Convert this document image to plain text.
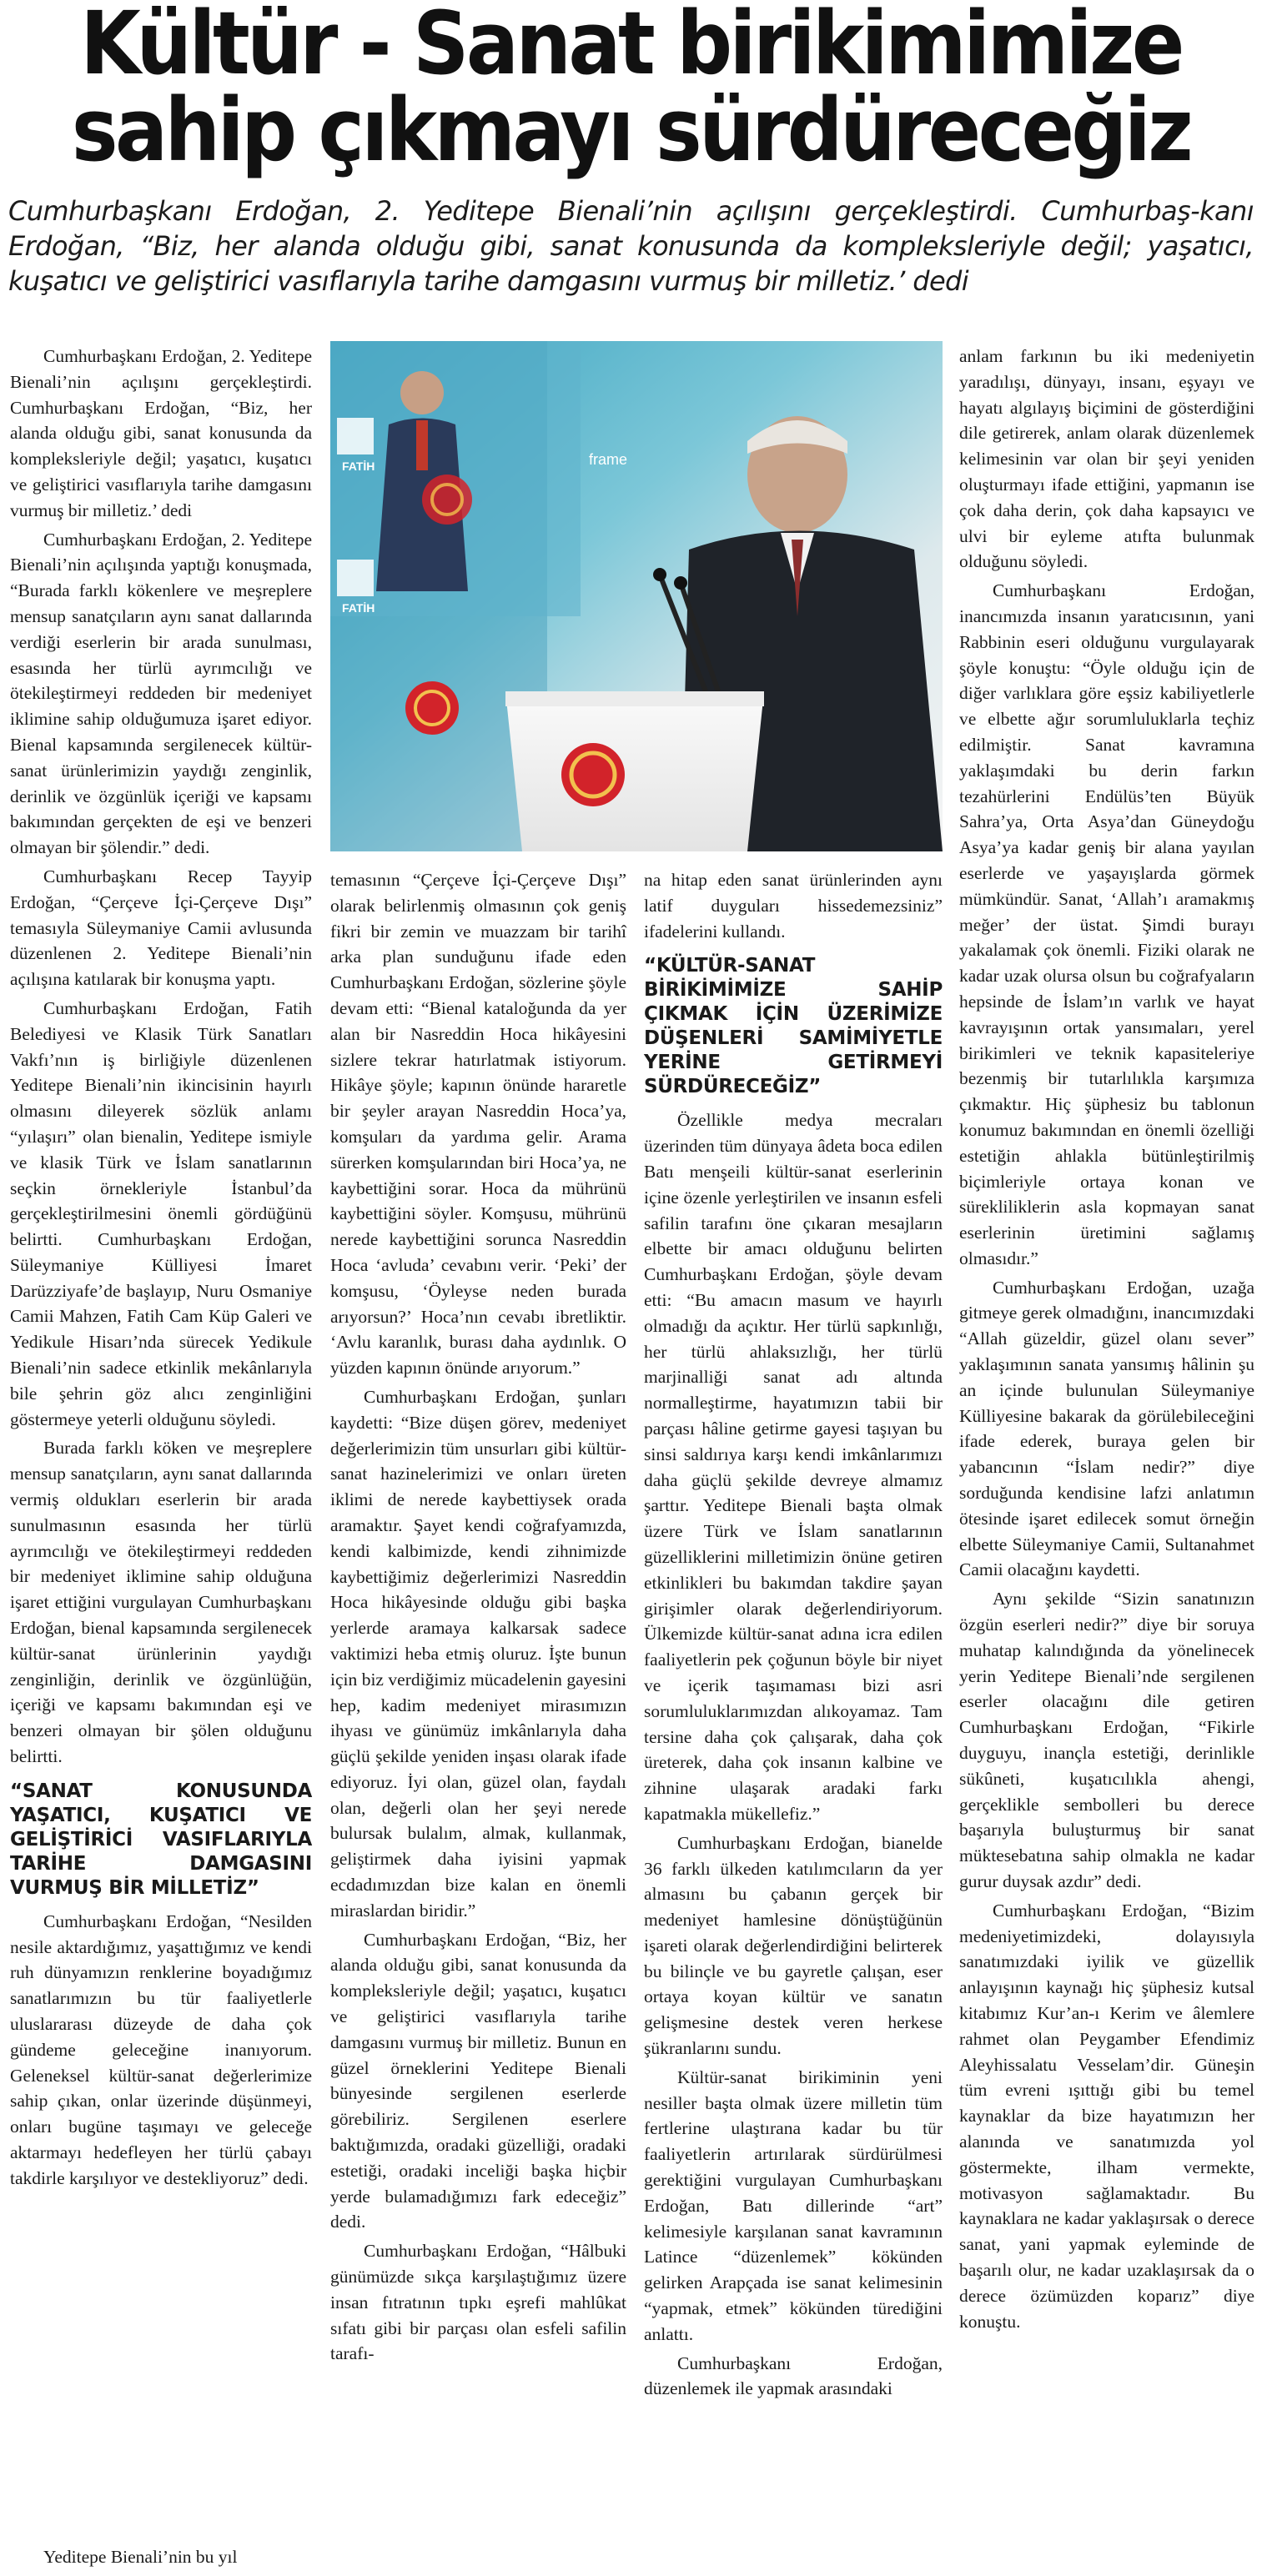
Kültür - Sanat birikimimize
sahip çıkmayı sürdüreceğiz
Cumhurbaşkanı Erdoğan, 2. Yeditepe Bienali’nin açılışını gerçekleştirdi. Cumhurbaş-kanı Erdoğan, “Biz, her alanda olduğu gibi, sanat konusunda da kompleksleriyle değil; yaşatıcı, kuşatıcı ve geliştirici vasıflarıyla tarihe damgasını vurmuş bir milletiz.’ dedi
FATİH
FATİH
frame

Cumhurbaşkanı Erdoğan, 2. Yeditepe Bienali’nin açılışını gerçekleştirdi. Cumhurbaşkanı Erdoğan, “Biz, her alanda olduğu gibi, sanat konusunda da kompleksleriyle değil; yaşatıcı, kuşatıcı ve geliştirici vasıflarıyla tarihe damgasını vurmuş bir milletiz.’ dedi

Cumhurbaşkanı Erdoğan, 2. Yeditepe Bienali’nin açılışında yaptığı konuşmada, “Burada farklı kökenlere ve meşreplere mensup sanatçıların aynı sanat dallarında verdiği eserlerin bir arada sunulması, esasında her türlü ayrımcılığı ve ötekileştirmeyi reddeden bir medeniyet iklimine sahip olduğumuza işaret ediyor. Bienal kapsamında sergilenecek kültür-sanat ürünlerimizin yaydığı zenginlik, derinlik ve özgünlük içeriği ve kapsamı bakımından gerçekten de eşi ve benzeri olmayan bir şölendir.” dedi.

Cumhurbaşkanı Recep Tayyip Erdoğan, “Çerçeve İçi-Çerçeve Dışı” temasıyla Süleymaniye Camii avlusunda düzenlenen 2. Yeditepe Bienali’nin açılışına katılarak bir konuşma yaptı.

Cumhurbaşkanı Erdoğan, Fatih Belediyesi ve Klasik Türk Sanatları Vakfı’nın iş birliğiyle düzenlenen Yeditepe Bienali’nin ikincisinin hayırlı olmasını dileyerek sözlük anlamı “yılaşırı” olan bienalin, Yeditepe ismiyle ve klasik Türk ve İslam sanatlarının seçkin örnekleriyle İstanbul’da gerçekleştirilmesini önemli gördüğünü belirtti. Cumhurbaşkanı Erdoğan, Süleymaniye Külliyesi İmaret Darüzziyafe’de başlayıp, Nuru Osmaniye Camii Mahzen, Fatih Cam Küp Galeri ve Yedikule Hisarı’nda sürecek Yedikule Bienali’nin sadece etkinlik mekânlarıyla bile şehrin göz alıcı zenginliğini göstermeye yeterli olduğunu söyledi.

Burada farklı köken ve meşreplere mensup sanatçıların, aynı sanat dallarında vermiş oldukları eserlerin bir arada sunulmasının esasında her türlü ayrımcılığı ve ötekileştirmeyi reddeden bir medeniyet iklimine sahip olduğuna işaret ettiğini vurgulayan Cumhurbaşkanı Erdoğan, bienal kapsamında sergilenecek kültür-sanat ürünlerinin yaydığı zenginliğin, derinlik ve özgünlüğün, içeriği ve kapsamı bakımından eşi ve benzeri olmayan bir şölen olduğunu belirtti.

“SANAT KONUSUNDA YAŞATICI, KUŞATICI VE GELİŞTİRİCİ VASIFLARIYLA TARİHE DAMGASINI VURMUŞ BİR MİLLETİZ”

Cumhurbaşkanı Erdoğan, “Nesilden nesile aktardığımız, yaşattığımız ve kendi ruh dünyamızın renklerine boyadığımız sanatlarımızın bu tür faaliyetlerle uluslararası düzeyde de daha çok gündeme geleceğine inanıyorum. Geleneksel kültür-sanat değerlerimize sahip çıkan, onlar üzerinde düşünmeyi, onları bugüne taşımayı ve geleceğe aktarmayı hedefleyen her türlü çabayı takdirle karşılıyor ve destekliyoruz” dedi.

Yeditepe Bienali’nin bu yıl

temasının “Çerçeve İçi-Çerçeve Dışı” olarak belirlenmiş olmasının çok geniş fikri bir zemin ve muazzam bir tarihî arka plan sunduğunu ifade eden Cumhurbaşkanı Erdoğan, sözlerine şöyle devam etti: “Bienal kataloğunda da yer alan bir Nasreddin Hoca hikâyesini sizlere tekrar hatırlatmak istiyorum. Hikâye şöyle; kapının önünde hararetle bir şeyler arayan Nasreddin Hoca’ya, komşuları da yardıma gelir. Arama sürerken komşularından biri Hoca’ya, ne kaybettiğini sorar. Hoca da mührünü kaybettiğini söyler. Komşusu, mührünü nerede kaybettiğini sorunca Nasreddin Hoca ‘avluda’ cevabını verir. ‘Peki’ der komşusu, ‘Öyleyse neden burada arıyorsun?’ Hoca’nın cevabı ibretliktir. ‘Avlu karanlık, burası daha aydınlık. O yüzden kapının önünde arıyorum.”

Cumhurbaşkanı Erdoğan, şunları kaydetti: “Bize düşen görev, medeniyet değerlerimizin tüm unsurları gibi kültür-sanat hazinelerimizi ve onları üreten iklimi de nerede kaybettiysek orada aramaktır. Şayet kendi coğrafyamızda, kendi kalbimizde, kendi zihnimizde kaybettiğimiz değerlerimizi Nasreddin Hoca hikâyesinde olduğu gibi başka yerlerde aramaya kalkarsak sadece vaktimizi heba etmiş oluruz. İşte bunun için biz verdiğimiz mücadelenin gayesini hep, kadim medeniyet mirasımızın ihyası ve günümüz imkânlarıyla daha güçlü şekilde yeniden inşası olarak ifade ediyoruz. İyi olan, güzel olan, faydalı olan, değerli olan her şeyi nerede bulursak bulalım, almak, kullanmak, geliştirmek daha iyisini yapmak ecdadımızdan bize kalan en önemli miraslardan biridir.”

Cumhurbaşkanı Erdoğan, “Biz, her alanda olduğu gibi, sanat konusunda da kompleksleriyle değil; yaşatıcı, kuşatıcı ve geliştirici vasıflarıyla tarihe damgasını vurmuş bir milletiz. Bunun en güzel örneklerini Yeditepe Bienali bünyesinde sergilenen eserlerde görebiliriz. Sergilenen eserlere baktığımızda, oradaki güzelliği, oradaki estetiği, oradaki inceliği başka hiçbir yerde bulamadığımızı fark edeceğiz” dedi.

Cumhurbaşkanı Erdoğan, “Hâlbuki günümüzde sıkça karşılaştığımız üzere insan fıtratının tıpkı eşrefi mahlûkat sıfatı gibi bir parçası olan esfeli safilin tarafı-

na hitap eden sanat ürünlerinden aynı latif duyguları hissedemezsiniz” ifadelerini kullandı.

“KÜLTÜR-SANAT BİRİKİMİMİZE SAHİP ÇIKMAK İÇİN ÜZERİMİZE DÜŞENLERİ SAMİMİYETLE YERİNE GETİRMEYİ SÜRDÜRECEĞİZ”

Özellikle medya mecraları üzerinden tüm dünyaya âdeta boca edilen Batı menşeili kültür-sanat eserlerinin içine özenle yerleştirilen ve insanın esfeli safilin tarafını öne çıkaran mesajların elbette bir amacı olduğunu belirten Cumhurbaşkanı Erdoğan, şöyle devam etti: “Bu amacın masum ve hayırlı olmadığı da açıktır. Her türlü sapkınlığı, her türlü ahlaksızlığı, her türlü marjinalliği sanat adı altında normalleştirme, hayatımızın tabii bir parçası hâline getirme gayesi taşıyan bu sinsi saldırıya karşı kendi imkânlarımızı daha güçlü şekilde devreye almamız şarttır. Yeditepe Bienali başta olmak üzere Türk ve İslam sanatlarının güzelliklerini milletimizin önüne getiren etkinlikleri bu bakımdan takdire şayan girişimler olarak değerlendiriyorum. Ülkemizde kültür-sanat adına icra edilen faaliyetlerin pek çoğunun böyle bir niyet ve içerik taşımaması bizi asri sorumluluklarımızdan alıkoyamaz. Tam tersine daha çok çalışarak, daha çok üreterek, daha çok insanın kalbine ve zihnine ulaşarak aradaki farkı kapatmakla mükellefiz.”

Cumhurbaşkanı Erdoğan, bianelde 36 farklı ülkeden katılımcıların da yer almasını bu çabanın gerçek bir medeniyet hamlesine dönüştüğünün işareti olarak değerlendirdiğini belirterek bu bilinçle ve bu gayretle çalışan, eser ortaya koyan kültür ve sanatın gelişmesine destek veren herkese şükranlarını sundu.

Kültür-sanat birikiminin yeni nesiller başta olmak üzere milletin tüm fertlerine ulaştırana kadar bu tür faaliyetlerin artırılarak sürdürülmesi gerektiğini vurgulayan Cumhurbaşkanı Erdoğan, Batı dillerinde “art” kelimesiyle karşılanan sanat kavramının Latince “düzenlemek” kökünden gelirken Arapçada ise sanat kelimesinin “yapmak, etmek” kökünden türediğini anlattı.

Cumhurbaşkanı Erdoğan, düzenlemek ile yapmak arasındaki

anlam farkının bu iki medeniyetin yaradılışı, dünyayı, insanı, eşyayı ve hayatı algılayış biçimini de gösterdiğini dile getirerek, anlam olarak düzenlemek kelimesinin var olan bir şeyi yeniden oluşturmayı ifade ettiğini, yapmanın ise çok daha derin, çok daha kapsayıcı ve ulvi bir eyleme atıfta bulunmak olduğunu söyledi.

Cumhurbaşkanı Erdoğan, inancımızda insanın yaratıcısının, yani Rabbinin eseri olduğunu vurgulayarak şöyle konuştu: “Öyle olduğu için de diğer varlıklara göre eşsiz kabiliyetlerle ve elbette ağır sorumluluklarla teçhiz edilmiştir. Sanat kavramına yaklaşımdaki bu derin farkın tezahürlerini Endülüs’ten Büyük Sahra’ya, Orta Asya’dan Güneydoğu Asya’ya kadar geniş bir alana yayılan eserlerde ve yaşayışlarda görmek mümkündür. Sanat, ‘Allah’ı aramakmış meğer’ der üstat. Şimdi burayı yakalamak çok önemli. Fiziki olarak ne kadar uzak olursa olsun bu coğrafyaların hepsinde de İslam’ın varlık ve hayat kavrayışının ortak yansımaları, yerel birikimleri ve teknik kapasiteleriye bezenmiş bir tutarlılıkla karşımıza çıkmaktır. Hiç şüphesiz bu tablonun konumuz bakımından en önemli özelliği estetiğin ahlakla bütünleştirilmiş biçimleriyle ortaya konan ve sürekliliklerin asla kopmayan sanat eserlerinin üretimini sağlamış olmasıdır.”

Cumhurbaşkanı Erdoğan, uzağa gitmeye gerek olmadığını, inancımızdaki “Allah güzeldir, güzel olanı sever” yaklaşımının sanata yansımış hâlinin şu an içinde bulunulan Süleymaniye Külliyesine bakarak da görülebileceğini ifade ederek, buraya gelen bir yabancının “İslam nedir?” diye sorduğunda kendisine lafzi anlatımın ötesinde işaret edilecek somut örneğin elbette Süleymaniye Camii, Sultanahmet Camii olacağını kaydetti.

Aynı şekilde “Sizin sanatınızın özgün eserleri nedir?” diye bir soruya muhatap kalındığında da yönelinecek yerin Yeditepe Bienali’nde sergilenen eserler olacağını dile getiren Cumhurbaşkanı Erdoğan, “Fikirle duyguyu, inançla estetiği, derinlikle sükûneti, kuşatıcılıkla ahengi, gerçeklikle sembolleri bu derece başarıyla buluşturmuş bir sanat müktesebatına sahip olmakla ne kadar gurur duysak azdır” dedi.

Cumhurbaşkanı Erdoğan, “Bizim medeniyetimizdeki, dolayısıyla sanatımızdaki iyilik ve güzellik anlayışının kaynağı hiç şüphesiz kutsal kitabımız Kur’an-ı Kerim ve âlemlere rahmet olan Peygamber Efendimiz Aleyhissalatu Vesselam’dir. Güneşin tüm evreni ışıttığı gibi bu temel kaynaklar da bize hayatımızın her alanında ve sanatımızda yol göstermekte, ilham vermekte, motivasyon sağlamaktadır. Bu kaynaklara ne kadar yaklaşırsak o derece sanat, yani yapmak eyleminde de başarılı olur, ne kadar uzaklaşırsak da o derece özümüzden koparız” diye konuştu.
